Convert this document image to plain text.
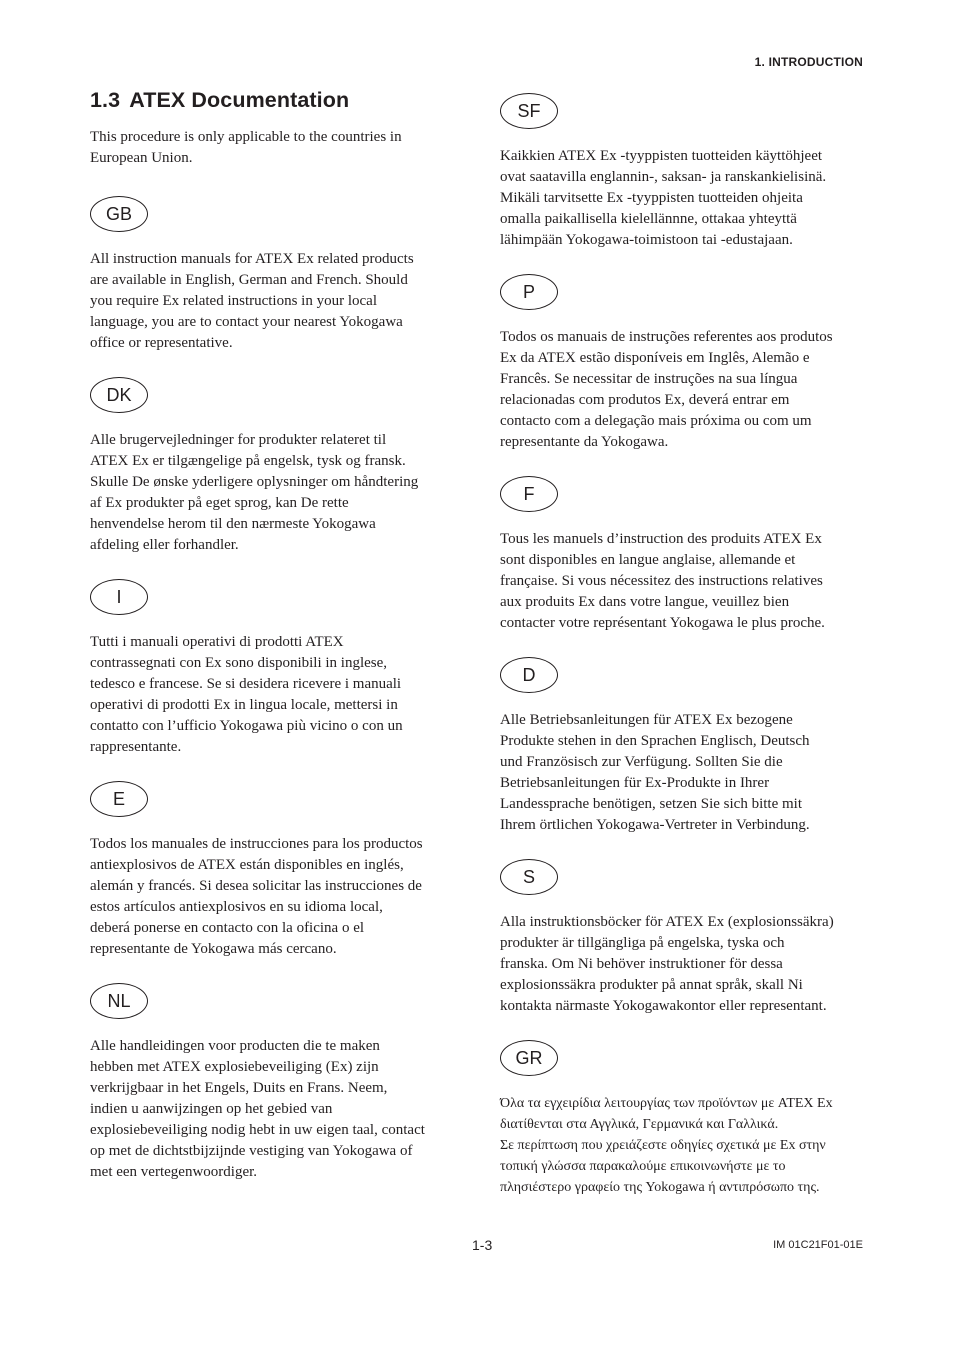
1. INTRODUCTION
1.3 ATEX Documentation

This procedure is only applicable to the countries in
European Union.

GB

All instruction manuals for ATEX Ex related products
are available in English, German and French. Should
you require Ex related instructions in your local
language, you are to contact your nearest Yokogawa
office or representative.

DK

Alle brugervejledninger for produkter relateret til
ATEX Ex er tilgængelige på engelsk, tysk og fransk.
Skulle De ønske yderligere oplysninger om håndtering
af Ex produkter på eget sprog, kan De rette
henvendelse herom til den nærmeste Yokogawa
afdeling eller forhandler.

I

Tutti i manuali operativi di prodotti ATEX
contrassegnati con Ex sono disponibili in inglese,
tedesco e francese. Se si desidera ricevere i manuali
operativi di prodotti Ex in lingua locale, mettersi in
contatto con l’ufficio Yokogawa più vicino o con un
rappresentante.

E

Todos los manuales de instrucciones para los productos
antiexplosivos de ATEX están disponibles en inglés,
alemán y francés. Si desea solicitar las instrucciones de
estos artículos antiexplosivos en su idioma local,
deberá ponerse en contacto con la oficina o el
representante de Yokogawa más cercano.

NL

Alle handleidingen voor producten die te maken
hebben met ATEX explosiebeveiliging (Ex) zijn
verkrijgbaar in het Engels, Duits en Frans. Neem,
indien u aanwijzingen op het gebied van
explosiebeveiliging nodig hebt in uw eigen taal, contact
op met de dichtstbijzijnde vestiging van Yokogawa of
met een vertegenwoordiger.

SF

Kaikkien ATEX Ex -tyyppisten tuotteiden käyttöhjeet
ovat saatavilla englannin-, saksan- ja ranskankielisinä.
Mikäli tarvitsette Ex -tyyppisten tuotteiden ohjeita
omalla paikallisella kielellännne, ottakaa yhteyttä
lähimpään Yokogawa-toimistoon tai -edustajaan.

P

Todos os manuais de instruções referentes aos produtos
Ex da ATEX estão disponíveis em Inglês, Alemão e
Francês. Se necessitar de instruções na sua língua
relacionadas com produtos Ex, deverá entrar em
contacto com a delegação mais próxima ou com um
representante da Yokogawa.

F

Tous les manuels d’instruction des produits ATEX Ex
sont disponibles en langue anglaise, allemande et
française. Si vous nécessitez des instructions relatives
aux produits Ex dans votre langue, veuillez bien
contacter votre représentant Yokogawa le plus proche.

D

Alle Betriebsanleitungen für ATEX Ex bezogene
Produkte stehen in den Sprachen Englisch, Deutsch
und Französisch zur Verfügung. Sollten Sie die
Betriebsanleitungen für Ex-Produkte in Ihrer
Landessprache benötigen, setzen Sie sich bitte mit
Ihrem örtlichen Yokogawa-Vertreter in Verbindung.

S

Alla instruktionsböcker för ATEX Ex (explosionssäkra)
produkter är tillgängliga på engelska, tyska och
franska. Om Ni behöver instruktioner för dessa
explosionssäkra produkter på annat språk, skall Ni
kontakta närmaste Yokogawakontor eller representant.

GR

Όλα τα εγχειρίδια λειτουργίας των προϊόντων με ATEX Ex
διατίθενται στα Αγγλικά, Γερμανικά και Γαλλικά.
Σε περίπτωση που χρειάζεστε οδηγίες σχετικά με Ex στην
τοπική γλώσσα παρακαλούμε επικοινωνήστε με το
πλησιέστερο γραφείο της Yokogawa ή αντιπρόσωπο της.

1-3	IM 01C21F01-01E
